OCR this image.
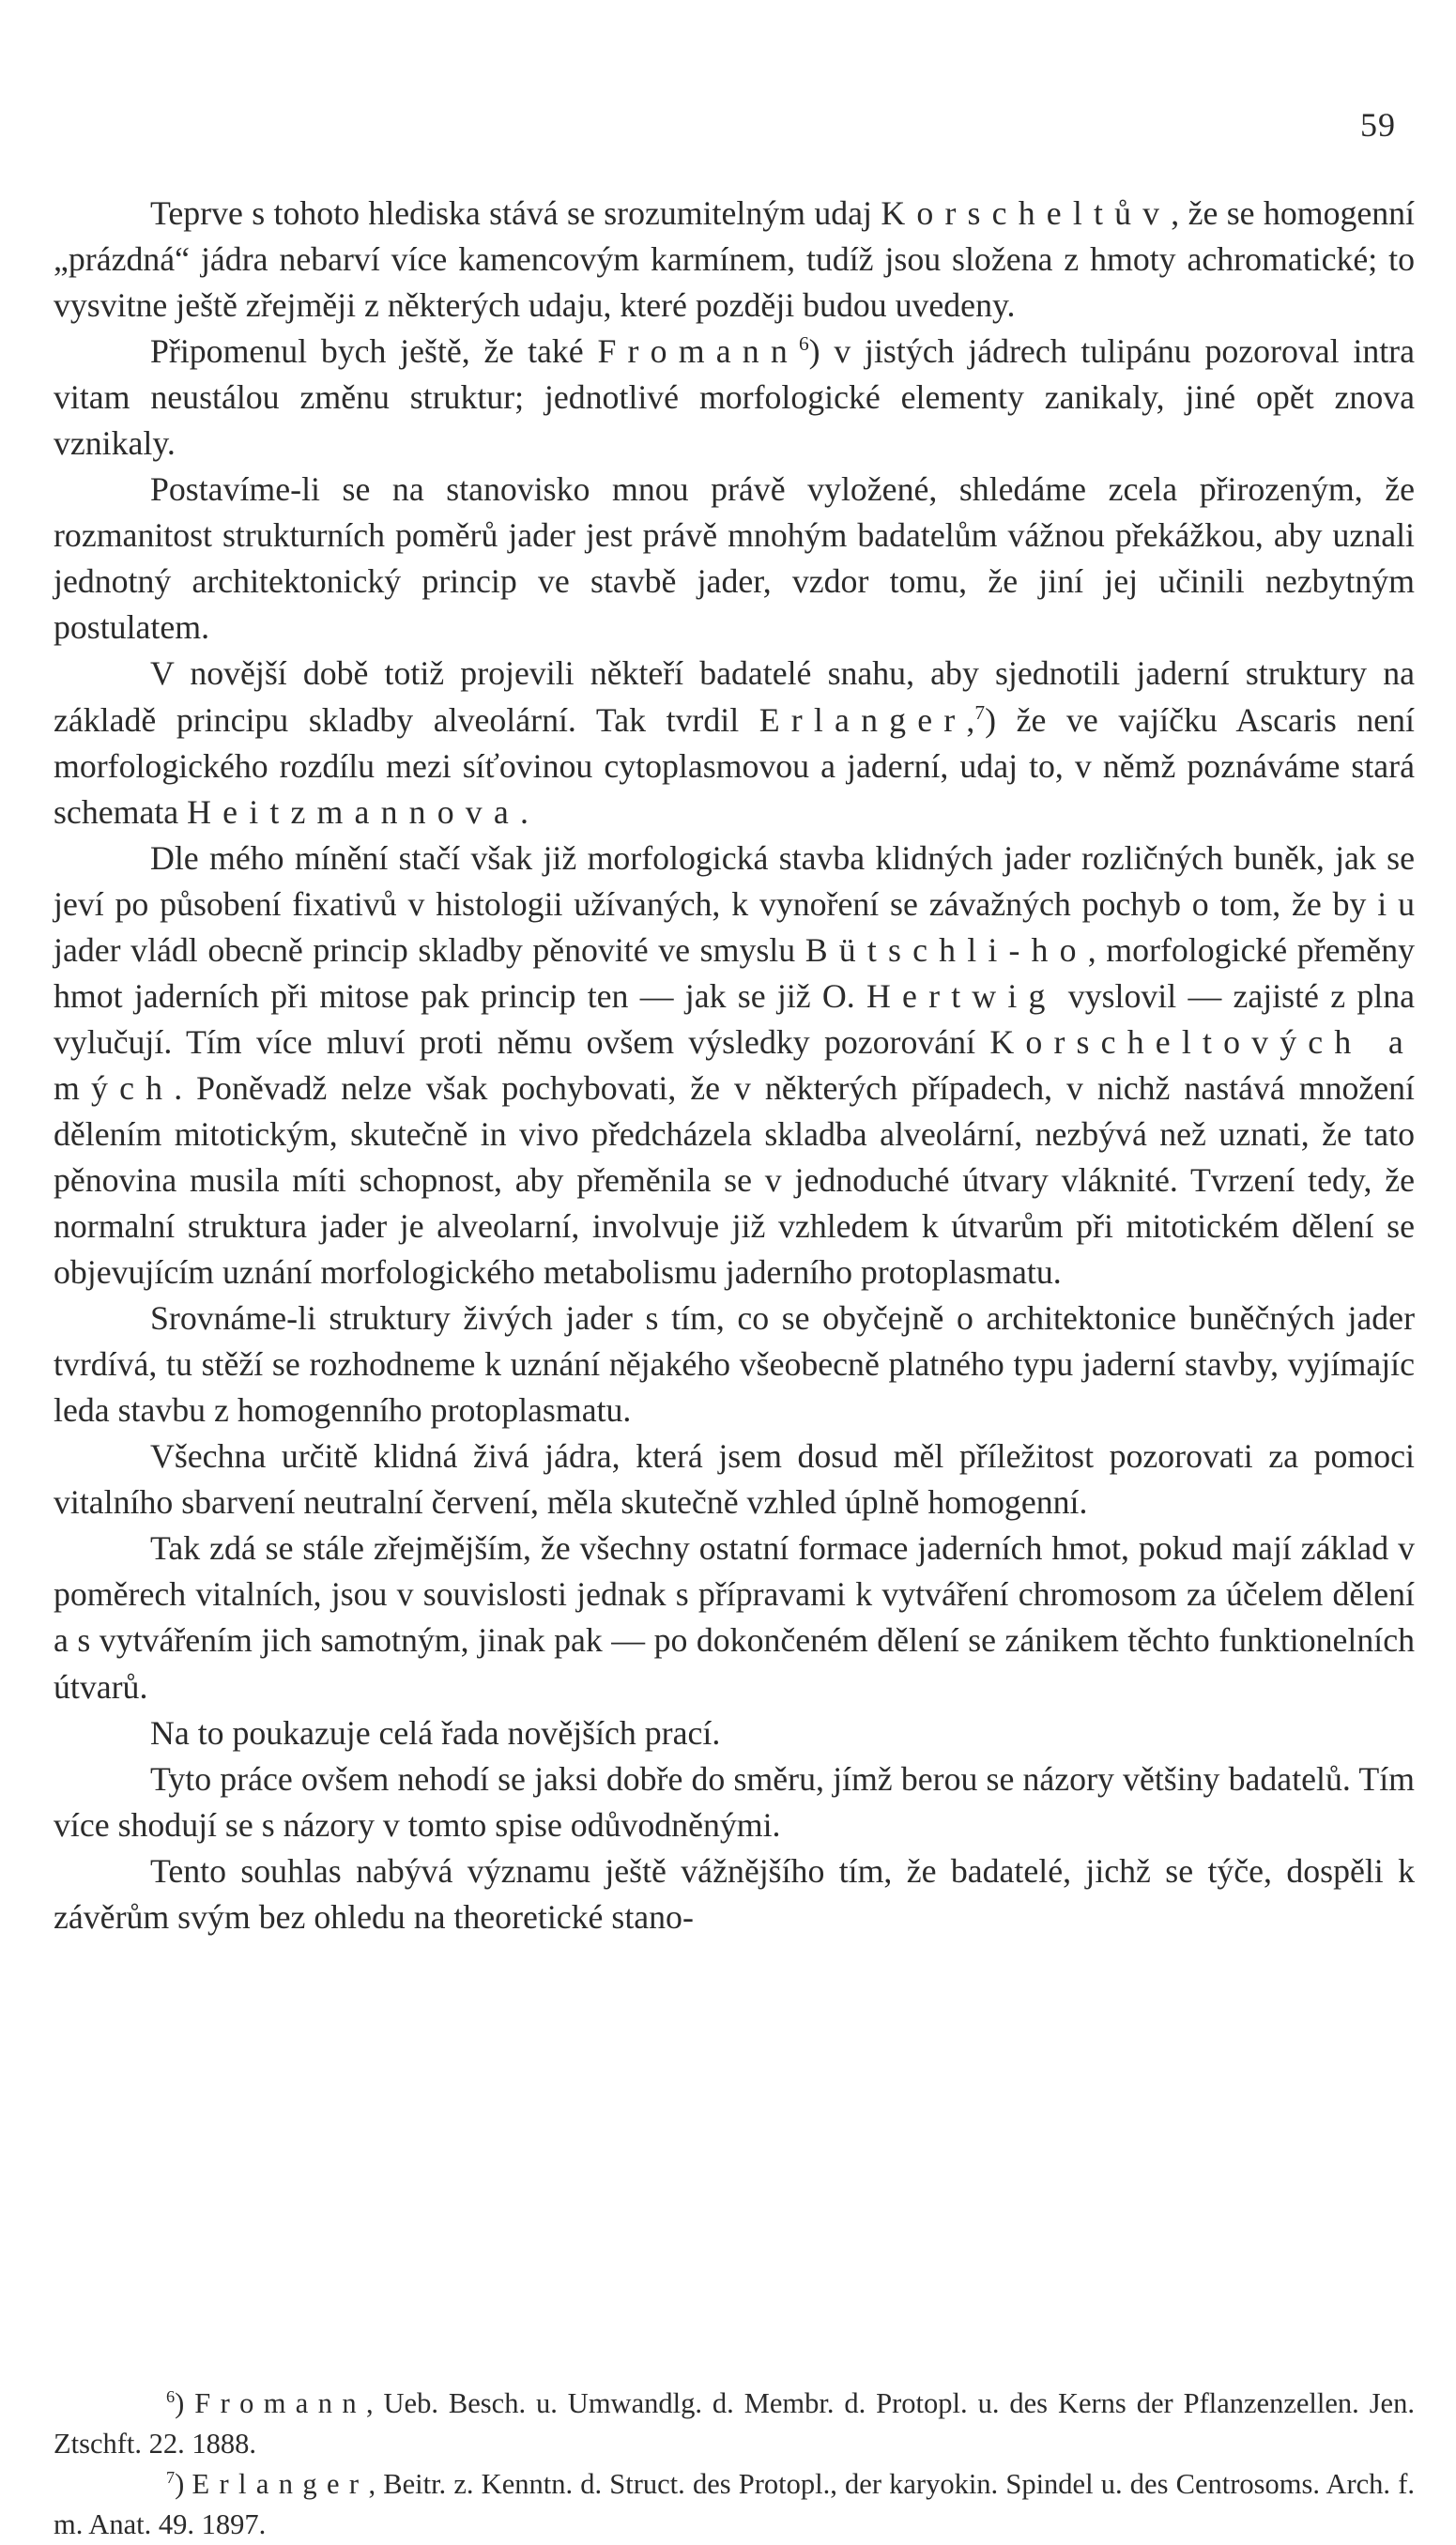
59

Teprve s tohoto hlediska stává se srozumitelným udaj Korscheltův, že se homogenní „prázdná“ jádra nebarví více kamencovým karmínem, tudíž jsou složena z hmoty achromatické; to vysvitne ještě zřejměji z některých udaju, které později budou uvedeny.

Připomenul bych ještě, že také Fromann$^6$) v jistých jádrech tulipánu pozoroval intra vitam neustálou změnu struktur; jednotlivé morfologické elementy zanikaly, jiné opět znova vznikaly.

Postavíme-li se na stanovisko mnou právě vyložené, shledáme zcela přirozeným, že rozmanitost strukturních poměrů jader jest právě mnohým badatelům vážnou překážkou, aby uznali jednotný architektonický princip ve stavbě jader, vzdor tomu, že jiní jej učinili nezbytným postulatem.

V novější době totiž projevili někteří badatelé snahu, aby sjednotili jaderní struktury na základě principu skladby alveolární. Tak tvrdil Erlanger,$^7$) že ve vajíčku Ascaris není morfologického rozdílu mezi síťovinou cytoplasmovou a jaderní, udaj to, v němž poznáváme stará schemata Heitzmannova.

Dle mého mínění stačí však již morfologická stavba klidných jader rozličných buněk, jak se jeví po působení fixativů v histologii užívaných, k vynoření se závažných pochyb o tom, že by i u jader vládl obecně princip skladby pěnovité ve smyslu Bütschli-ho, morfologické přeměny hmot jaderních při mitose pak princip ten — jak se již O. Hertwig vyslovil — zajisté z plna vylučují. Tím více mluví proti němu ovšem výsledky pozorování Korscheltových a mých. Poněvadž nelze však pochybovati, že v některých případech, v nichž nastává množení dělením mitotickým, skutečně in vivo předcházela skladba alveolární, nezbývá než uznati, že tato pěnovina musila míti schopnost, aby přeměnila se v jednoduché útvary vláknité. Tvrzení tedy, že normalní struktura jader je alveolarní, involvuje již vzhledem k útvarům při mitotickém dělení se objevujícím uznání morfologického metabolismu jaderního protoplasmatu.

Srovnáme-li struktury živých jader s tím, co se obyčejně o architektonice buněčných jader tvrdívá, tu stěží se rozhodneme k uznání nějakého všeobecně platného typu jaderní stavby, vyjímajíc leda stavbu z homogenního protoplasmatu.

Všechna určitě klidná živá jádra, která jsem dosud měl příležitost pozorovati za pomoci vitalního sbarvení neutralní červení, měla skutečně vzhled úplně homogenní.

Tak zdá se stále zřejmějším, že všechny ostatní formace jaderních hmot, pokud mají základ v poměrech vitalních, jsou v souvislosti jednak s přípravami k vytváření chromosom za účelem dělení a s vytvářením jich samotným, jinak pak — po dokončeném dělení se zánikem těchto funktionelních útvarů.

Na to poukazuje celá řada novějších prací.

Tyto práce ovšem nehodí se jaksi dobře do směru, jímž berou se názory většiny badatelů. Tím více shodují se s názory v tomto spise odůvodněnými.

Tento souhlas nabývá významu ještě vážnějšího tím, že badatelé, jichž se týče, dospěli k závěrům svým bez ohledu na theoretické stano-

$^6$) Fromann, Ueb. Besch. u. Umwandlg. d. Membr. d. Protopl. u. des Kerns der Pflanzenzellen. Jen. Ztschft. 22. 1888.

$^7$) Erlanger, Beitr. z. Kenntn. d. Struct. des Protopl., der karyokin. Spindel u. des Centrosoms. Arch. f. m. Anat. 49. 1897.
